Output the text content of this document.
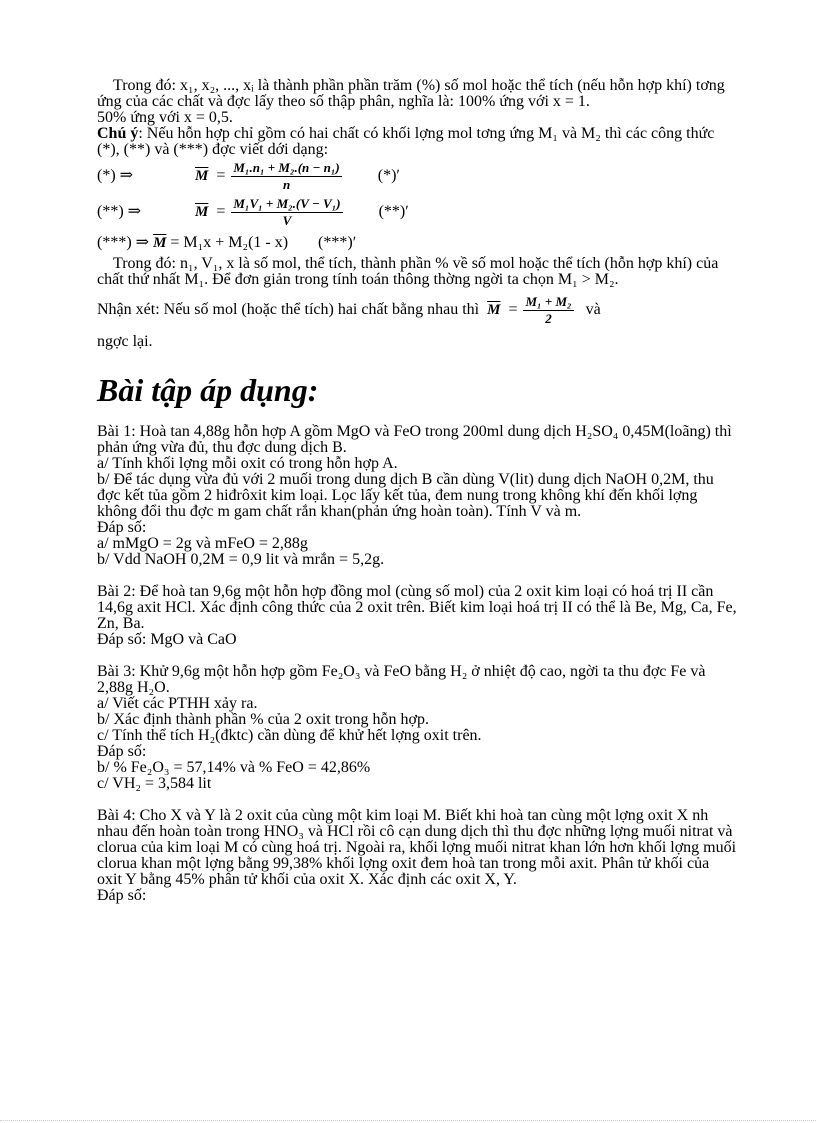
Trong đó: x₁, x₂, ..., xᵢ là thành phần phần trăm (%) số mol hoặc thể tích (nếu hỗn hợp khí) tơng ứng của các chất và đợc lấy theo số thập phân, nghĩa là: 100% ứng với x = 1.

50% ứng với x = 0,5.

Chú ý: Nếu hỗn hợp chỉ gồm có hai chất có khối lợng mol tơng ứng M₁ và M₂ thì các công thức (*), (**) và (***) đợc viết dới dạng:

(*) ⇒	$\overline{M} = \frac{\text{M₁.n₁ + M₂.(n − n₁)}}{n}$ (*)ʹ
(**) ⇒	$\overline{M} = \frac{\text{M₁V₁ + M₂.(V − V₁)}}{V}$ (**)ʹ
(***) ⇒ $\overline{M} = M_1x + M_2(1 - x)$ (***)ʹ

Trong đó: n₁, V₁, x là số mol, thể tích, thành phần % về số mol hoặc thể tích (hỗn hợp khí) của chất thứ nhất M₁. Để đơn giản trong tính toán thông thờng ngời ta chọn M₁ > M₂.

Nhận xét: Nếu số mol (hoặc thể tích) hai chất bằng nhau thì $\overline{M} = \frac{\text{M₁ + M₂}}{2}$ và

ngợc lại.

Bài tập áp dụng:

Bài 1: Hoà tan 4,88g hỗn hợp A gồm MgO và FeO trong 200ml dung dịch H₂SO₄ 0,45M(loãng) thì phản ứng vừa đủ, thu đợc dung dịch B.

a/ Tính khối lợng mỗi oxit có trong hỗn hợp A.

b/ Để tác dụng vừa đủ với 2 muối trong dung dịch B cần dùng V(lit) dung dịch NaOH 0,2M, thu đợc kết tủa gồm 2 hiđrôxit kim loại. Lọc lấy kết tủa, đem nung trong không khí đến khối lợng không đổi thu đợc m gam chất rắn khan(phản ứng hoàn toàn). Tính V và m.

Đáp số:

a/ mMgO = 2g và mFeO = 2,88g

b/ Vdd NaOH 0,2M = 0,9 lit và mrắn = 5,2g.

Bài 2: Để hoà tan 9,6g một hỗn hợp đồng mol (cùng số mol) của 2 oxit kim loại có hoá trị II cần 14,6g axit HCl. Xác định công thức của 2 oxit trên. Biết kim loại hoá trị II có thể là Be, Mg, Ca, Fe, Zn, Ba.

Đáp số: MgO và CaO

Bài 3: Khử 9,6g một hỗn hợp gồm Fe₂O₃ và FeO bằng H₂ ở nhiệt độ cao, ngời ta thu đợc Fe và 2,88g H₂O.

a/ Viết các PTHH xảy ra.

b/ Xác định thành phần % của 2 oxit trong hỗn hợp.

c/ Tính thể tích H₂(đktc) cần dùng để khử hết lợng oxit trên.

Đáp số:

b/ % Fe₂O₃ = 57,14% và % FeO = 42,86%

c/ VH₂ = 3,584 lit

Bài 4: Cho X và Y là 2 oxit của cùng một kim loại M. Biết khi hoà tan cùng một lợng oxit X nh nhau đến hoàn toàn trong HNO₃ và HCl rồi cô cạn dung dịch thì thu đợc những lợng muối nitrat và clorua của kim loại M có cùng hoá trị. Ngoài ra, khối lợng muối nitrat khan lớn hơn khối lợng muối clorua khan một lợng bằng 99,38% khối lợng oxit đem hoà tan trong mỗi axit. Phân tử khối của oxit Y bằng 45% phân tử khối của oxit X. Xác định các oxit X, Y.

Đáp số:
